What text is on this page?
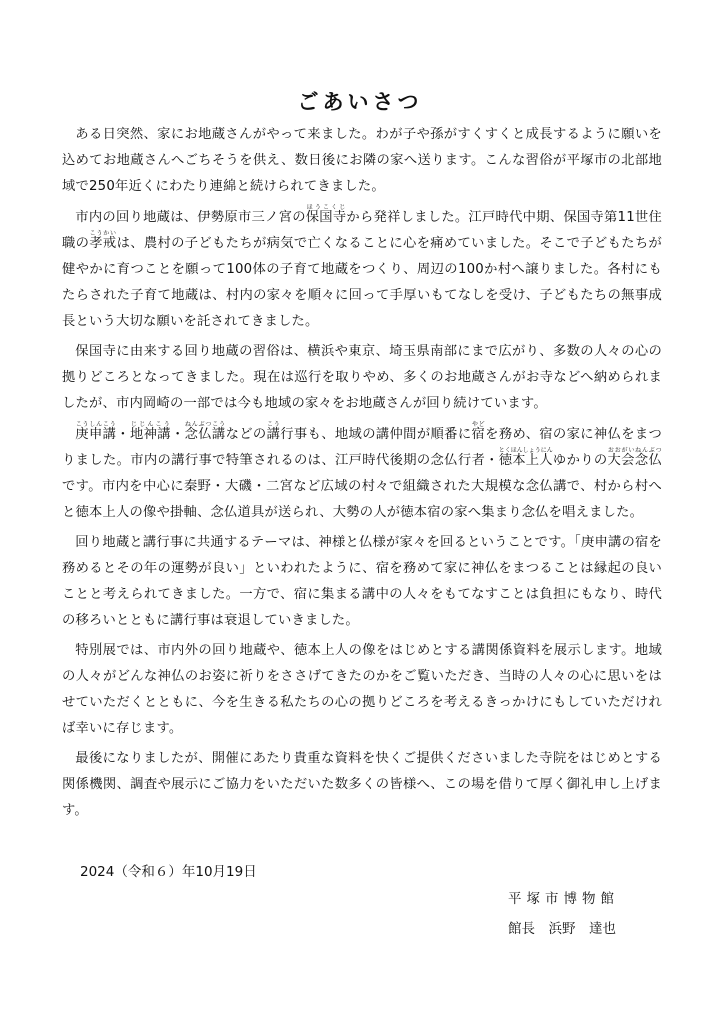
ごあいさつ

ある日突然、家にお地蔵さんがやって来ました。わが子や孫がすくすくと成長するように願いを込めてお地蔵さんへごちそうを供え、数日後にお隣の家へ送ります。こんな習俗が平塚市の北部地域で250年近くにわたり連綿と続けられてきました。

市内の回り地蔵は、伊勢原市三ノ宮の保国寺ほうこくじから発祥しました。江戸時代中期、保国寺第11世住職の孝戒こうかいは、農村の子どもたちが病気で亡くなることに心を痛めていました。そこで子どもたちが健やかに育つことを願って100体の子育て地蔵をつくり、周辺の100か村へ譲りました。各村にもたらされた子育て地蔵は、村内の家々を順々に回って手厚いもてなしを受け、子どもたちの無事成長という大切な願いを託されてきました。

保国寺に由来する回り地蔵の習俗は、横浜や東京、埼玉県南部にまで広がり、多数の人々の心の拠りどころとなってきました。現在は巡行を取りやめ、多くのお地蔵さんがお寺などへ納められましたが、市内岡崎の一部では今も地域の家々をお地蔵さんが回り続けています。

庚申講こうしんこう・地神講じじんこう・念仏講ねんぶつこうなどの講こう行事も、地域の講仲間が順番に宿やどを務め、宿の家に神仏をまつりました。市内の講行事で特筆されるのは、江戸時代後期の念仏行者・徳本上人とくほんしょうにんゆかりの大会念仏おおがいねんぶつです。市内を中心に秦野・大磯・二宮など広域の村々で組織された大規模な念仏講で、村から村へと徳本上人の像や掛軸、念仏道具が送られ、大勢の人が徳本宿の家へ集まり念仏を唱えました。

回り地蔵と講行事に共通するテーマは、神様と仏様が家々を回るということです。「庚申講の宿を務めるとその年の運勢が良い」といわれたように、宿を務めて家に神仏をまつることは縁起の良いことと考えられてきました。一方で、宿に集まる講中の人々をもてなすことは負担にもなり、時代の移ろいとともに講行事は衰退していきました。

特別展では、市内外の回り地蔵や、徳本上人の像をはじめとする講関係資料を展示します。地域の人々がどんな神仏のお姿に祈りをささげてきたのかをご覧いただき、当時の人々の心に思いをはせていただくとともに、今を生きる私たちの心の拠りどころを考えるきっかけにもしていただければ幸いに存じます。

最後になりましたが、開催にあたり貴重な資料を快くご提供くださいました寺院をはじめとする関係機関、調査や展示にご協力をいただいた数多くの皆様へ、この場を借りて厚く御礼申し上げます。

2024（令和６）年10月19日
平塚市博物館
館長　浜野　達也
